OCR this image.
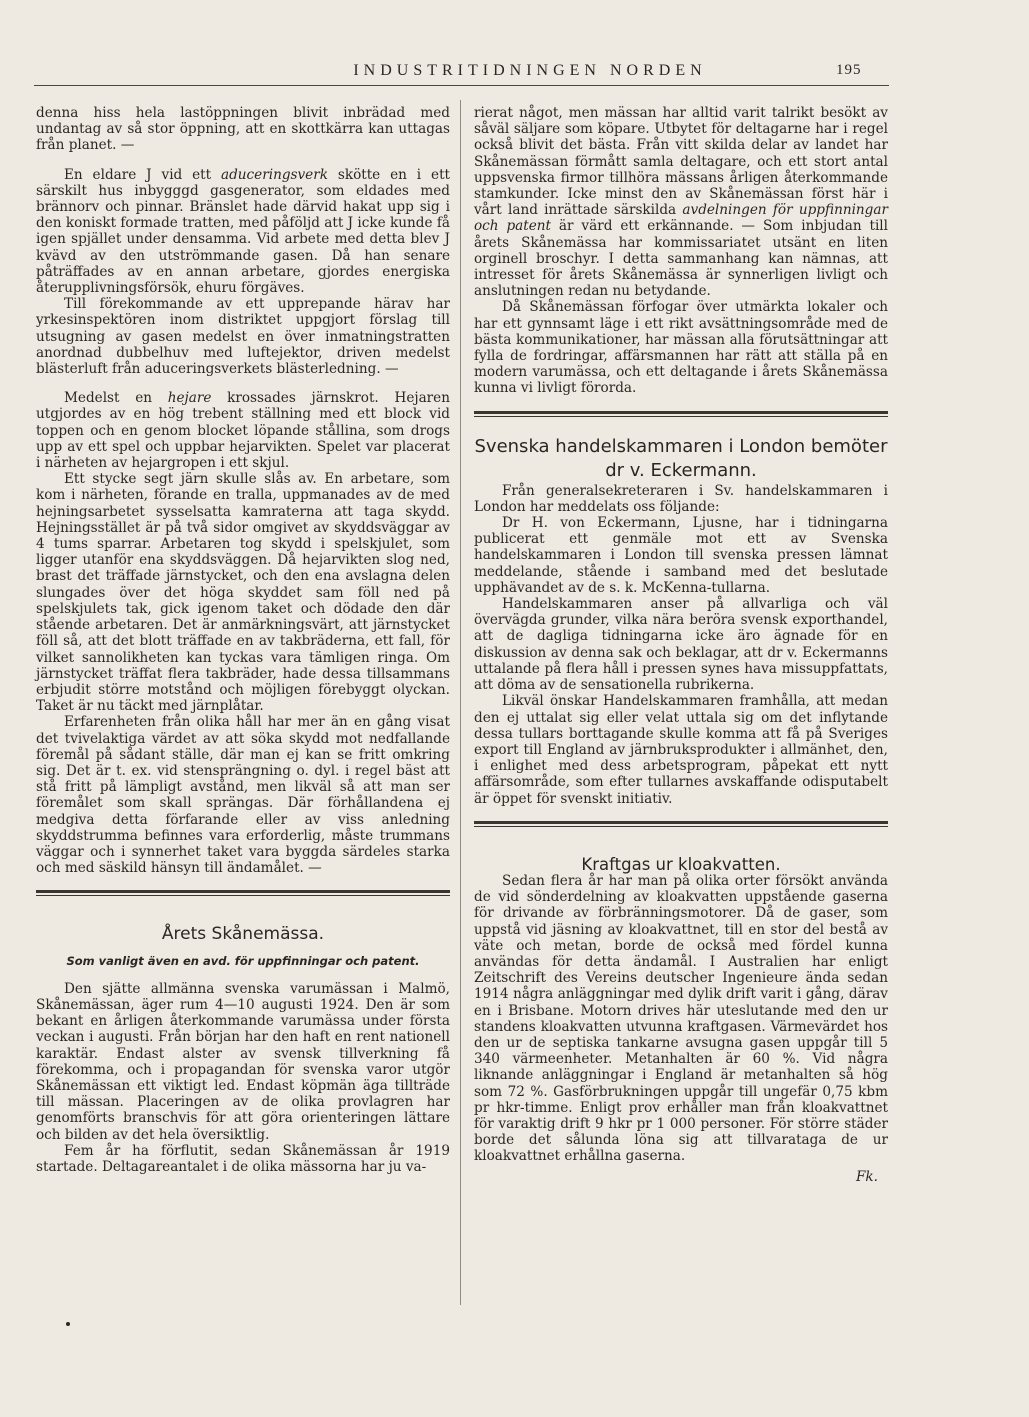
INDUSTRITIDNINGEN NORDEN	195

denna hiss hela lastöppningen blivit inbrädad med undantag av så stor öppning, att en skottkärra kan uttagas från planet. —

En eldare J vid ett aduceringsverk skötte en i ett särskilt hus inbygggd gasgenerator, som eldades med brännorv och pinnar. Bränslet hade därvid hakat upp sig i den koniskt formade tratten, med påföljd att J icke kunde få igen spjället under densamma. Vid arbete med detta blev J kvävd av den utströmmande gasen. Då han senare påträffades av en annan arbetare, gjordes energiska återupplivningsförsök, ehuru förgäves.

Till förekommande av ett upprepande härav har yrkesinspektören inom distriktet uppgjort förslag till utsugning av gasen medelst en över inmatningstratten anordnad dubbelhuv med luftejektor, driven medelst blästerluft från aduceringsverkets blästerledning. —

Medelst en hejare krossades järnskrot. Hejaren utgjordes av en hög trebent ställning med ett block vid toppen och en genom blocket löpande stållina, som drogs upp av ett spel och uppbar hejarvikten. Spelet var placerat i närheten av hejargropen i ett skjul.

Ett stycke segt järn skulle slås av. En arbetare, som kom i närheten, förande en tralla, uppmanades av de med hejningsarbetet sysselsatta kamraterna att taga skydd. Hejningsstället är på två sidor omgivet av skyddsväggar av 4 tums sparrar. Arbetaren tog skydd i spelskjulet, som ligger utanför ena skyddsväggen. Då hejarvikten slog ned, brast det träffade järnstycket, och den ena avslagna delen slungades över det höga skyddet sam föll ned på spelskjulets tak, gick igenom taket och dödade den där stående arbetaren. Det är anmärkningsvärt, att järnstycket föll så, att det blott träffade en av takbräderna, ett fall, för vilket sannolikheten kan tyckas vara tämligen ringa. Om järnstycket träffat flera takbräder, hade dessa tillsammans erbjudit större motstånd och möjligen förebyggt olyckan. Taket är nu täckt med järnplåtar.

Erfarenheten från olika håll har mer än en gång visat det tvivelaktiga värdet av att söka skydd mot nedfallande föremål på sådant ställe, där man ej kan se fritt omkring sig. Det är t. ex. vid stensprängning o. dyl. i regel bäst att stå fritt på lämpligt avstånd, men likväl så att man ser föremålet som skall sprängas. Där förhållandena ej medgiva detta förfarande eller av viss anledning skyddstrumma befinnes vara erforderlig, måste trummans väggar och i synnerhet taket vara byggda särdeles starka och med säskild hänsyn till ändamålet. —

Årets Skånemässa.
Som vanligt även en avd. för uppfinningar och patent.

Den sjätte allmänna svenska varumässan i Malmö, Skånemässan, äger rum 4—10 augusti 1924. Den är som bekant en årligen återkommande varumässa under första veckan i augusti. Från början har den haft en rent nationell karaktär. Endast alster av svensk tillverkning få förekomma, och i propagandan för svenska varor utgör Skånemässan ett viktigt led. Endast köpmän äga tillträde till mässan. Placeringen av de olika provlagren har genomförts branschvis för att göra orienteringen lättare och bilden av det hela översiktlig.

Fem år ha förflutit, sedan Skånemässan år 1919 startade. Deltagareantalet i de olika mässorna har ju va-

rierat något, men mässan har alltid varit talrikt besökt av såväl säljare som köpare. Utbytet för deltagarne har i regel också blivit det bästa. Från vitt skilda delar av landet har Skånemässan förmått samla deltagare, och ett stort antal uppsvenska firmor tillhöra mässans årligen återkommande stamkunder. Icke minst den av Skånemässan först här i vårt land inrättade särskilda avdelningen för uppfinningar och patent är värd ett erkännande. — Som inbjudan till årets Skånemässa har kommissariatet utsänt en liten orginell broschyr. I detta sammanhang kan nämnas, att intresset för årets Skånemässa är synnerligen livligt och anslutningen redan nu betydande.

Då Skånemässan förfogar över utmärkta lokaler och har ett gynnsamt läge i ett rikt avsättningsområde med de bästa kommunikationer, har mässan alla förutsättningar att fylla de fordringar, affärsmannen har rätt att ställa på en modern varumässa, och ett deltagande i årets Skånemässa kunna vi livligt förorda.

Svenska handelskammaren i London bemöter
dr v. Eckermann.

Från generalsekreteraren i Sv. handelskammaren i London har meddelats oss följande:

Dr H. von Eckermann, Ljusne, har i tidningarna publicerat ett genmäle mot ett av Svenska handelskammaren i London till svenska pressen lämnat meddelande, stående i samband med det beslutade upphävandet av de s. k. McKenna-tullarna.

Handelskammaren anser på allvarliga och väl övervägda grunder, vilka nära beröra svensk exporthandel, att de dagliga tidningarna icke äro ägnade för en diskussion av denna sak och beklagar, att dr v. Eckermanns uttalande på flera håll i pressen synes hava missuppfattats, att döma av de sensationella rubrikerna.

Likväl önskar Handelskammaren framhålla, att medan den ej uttalat sig eller velat uttala sig om det inflytande dessa tullars borttagande skulle komma att få på Sveriges export till England av järnbruksprodukter i allmänhet, den, i enlighet med dess arbetsprogram, påpekat ett nytt affärsområde, som efter tullarnes avskaffande odisputabelt är öppet för svenskt initiativ.

Kraftgas ur kloakvatten.

Sedan flera år har man på olika orter försökt använda de vid sönderdelning av kloakvatten uppstående gaserna för drivande av förbränningsmotorer. Då de gaser, som uppstå vid jäsning av kloakvattnet, till en stor del bestå av väte och metan, borde de också med fördel kunna användas för detta ändamål. I Australien har enligt Zeitschrift des Vereins deutscher Ingenieure ända sedan 1914 några anläggningar med dylik drift varit i gång, därav en i Brisbane. Motorn drives här uteslutande med den ur standens kloakvatten utvunna kraftgasen. Värmevärdet hos den ur de septiska tankarne avsugna gasen uppgår till 5 340 värmeenheter. Metanhalten är 60 %. Vid några liknande anläggningar i England är metanhalten så hög som 72 %. Gasförbrukningen uppgår till ungefär 0,75 kbm pr hkr-timme. Enligt prov erhåller man från kloakvattnet för varaktig drift 9 hkr pr 1 000 personer. För större städer borde det sålunda löna sig att tillvaratagа de ur kloakvattnet erhållna gaserna.

Fk.
